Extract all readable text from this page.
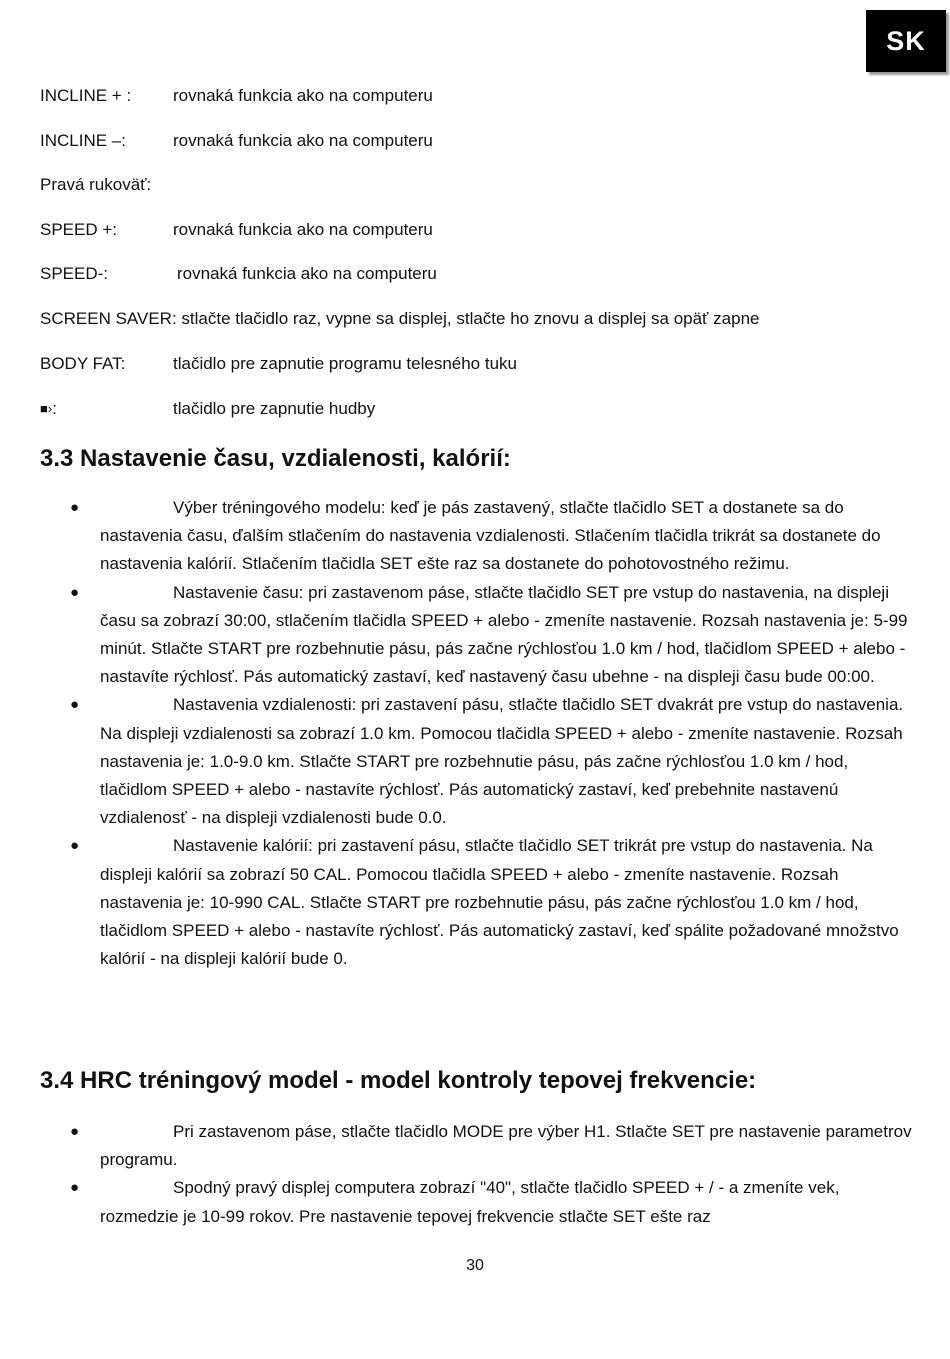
SK
INCLINE + : rovnaká funkcia ako na computeru
INCLINE –:	rovnaká funkcia ako na computeru
Pravá rukoväť:
SPEED +:	rovnaká funkcia ako na computeru
SPEED-:	rovnaká funkcia ako na computeru
SCREEN SAVER: stlačte tlačidlo raz, vypne sa displej, stlačte ho znovu a displej sa opäť zapne
BODY FAT:	tlačidlo pre zapnutie programu telesného tuku
■›:	tlačidlo pre zapnutie hudby
3.3 Nastavenie času, vzdialenosti, kalórií:
●	Výber tréningového modelu: keď je pás zastavený, stlačte tlačidlo SET a dostanete sa do nastavenia času, ďalším stlačením do nastavenia vzdialenosti. Stlačením tlačidla trikrát sa dostanete do nastavenia kalórií. Stlačením tlačidla SET ešte raz sa dostanete do pohotovostného režimu.
●	Nastavenie času: pri zastavenom páse, stlačte tlačidlo SET pre vstup do nastavenia, na displeji času sa zobrazí 30:00, stlačením tlačidla SPEED + alebo - zmeníte nastavenie. Rozsah nastavenia je: 5-99 minút. Stlačte START pre rozbehnutie pásu, pás začne rýchlosťou 1.0 km / hod, tlačidlom SPEED + alebo - nastavíte rýchlosť. Pás automatický zastaví, keď nastavený času ubehne - na displeji času bude 00:00.
●	Nastavenia vzdialenosti: pri zastavení pásu, stlačte tlačidlo SET dvakrát pre vstup do nastavenia. Na displeji vzdialenosti sa zobrazí 1.0 km. Pomocou tlačidla SPEED + alebo - zmeníte nastavenie. Rozsah nastavenia je: 1.0-9.0 km. Stlačte START pre rozbehnutie pásu, pás začne rýchlosťou 1.0 km / hod, tlačidlom SPEED + alebo - nastavíte rýchlosť. Pás automatický zastaví, keď prebehnite nastavenú vzdialenosť - na displeji vzdialenosti bude 0.0.
●	Nastavenie kalórií: pri zastavení pásu, stlačte tlačidlo SET trikrát pre vstup do nastavenia. Na displeji kalórií sa zobrazí 50 CAL. Pomocou tlačidla SPEED + alebo - zmeníte nastavenie. Rozsah nastavenia je: 10-990 CAL. Stlačte START pre rozbehnutie pásu, pás začne rýchlosťou 1.0 km / hod, tlačidlom SPEED + alebo - nastavíte rýchlosť. Pás automatický zastaví, keď spálite požadované množstvo kalórií - na displeji kalórií bude 0.
3.4 HRC tréningový model - model kontroly tepovej frekvencie:
●	Pri zastavenom páse, stlačte tlačidlo MODE pre výber H1. Stlačte SET pre nastavenie parametrov programu.
●	Spodný pravý displej computera zobrazí "40", stlačte tlačidlo SPEED + / - a zmeníte vek, rozmedzie je 10-99 rokov. Pre nastavenie tepovej frekvencie stlačte SET ešte raz
30
